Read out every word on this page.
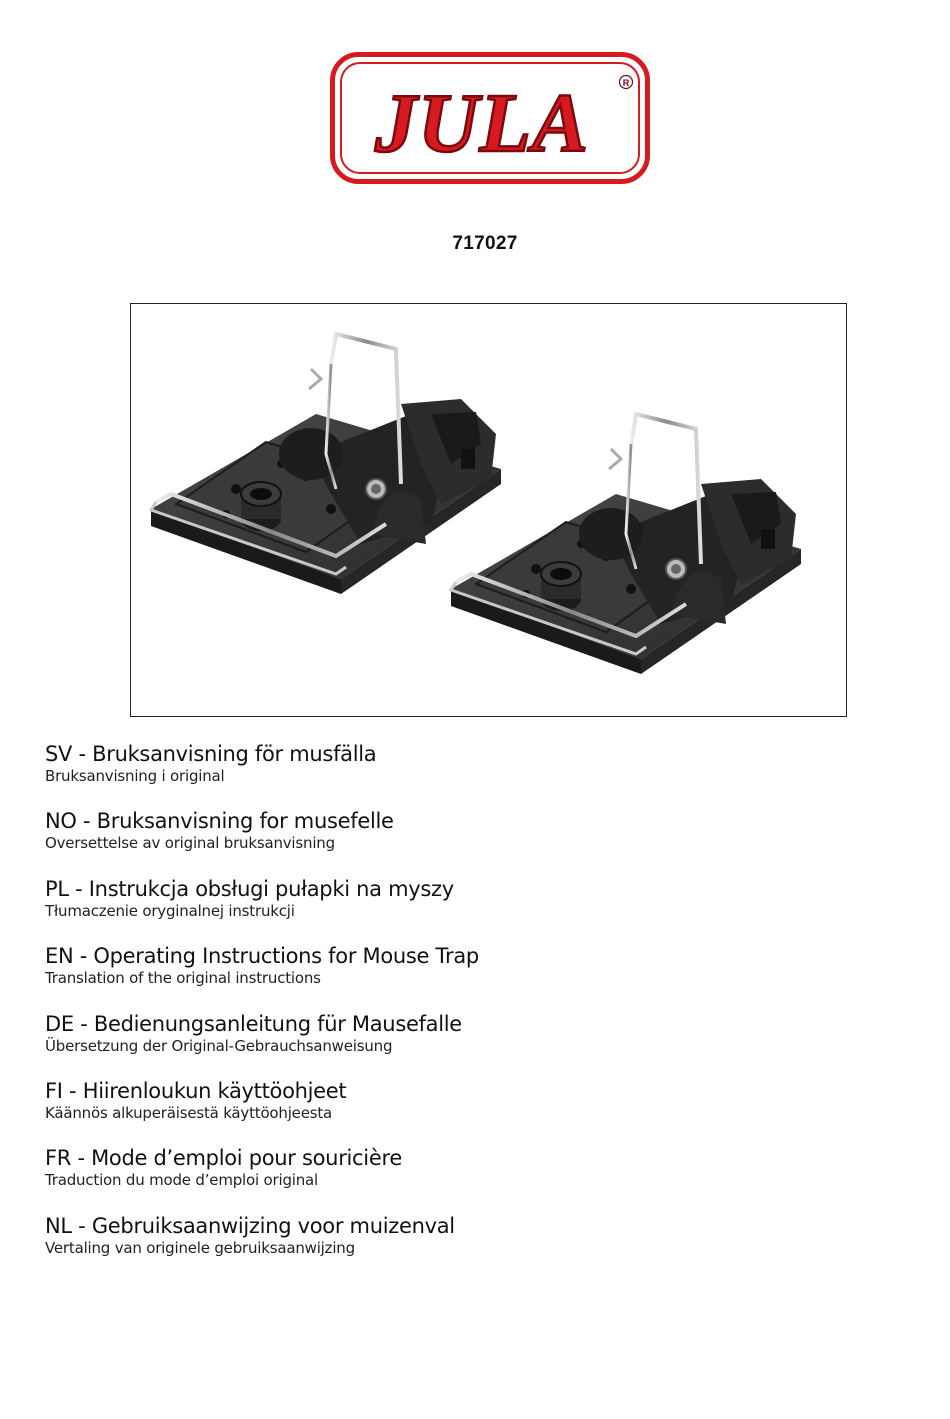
JULA	R
717027
SV - Bruksanvisning för musfälla
Bruksanvisning i original
NO - Bruksanvisning for musefelle
Oversettelse av original bruksanvisning
PL - Instrukcja obsługi pułapki na myszy
Tłumaczenie oryginalnej instrukcji
EN - Operating Instructions for Mouse Trap
Translation of the original instructions
DE - Bedienungsanleitung für Mausefalle
Übersetzung der Original-Gebrauchsanweisung
FI - Hiirenloukun käyttöohjeet
Käännös alkuperäisestä käyttöohjeesta
FR - Mode d’emploi pour souricière
Traduction du mode d’emploi original
NL - Gebruiksaanwijzing voor muizenval
Vertaling van originele gebruiksaanwijzing
